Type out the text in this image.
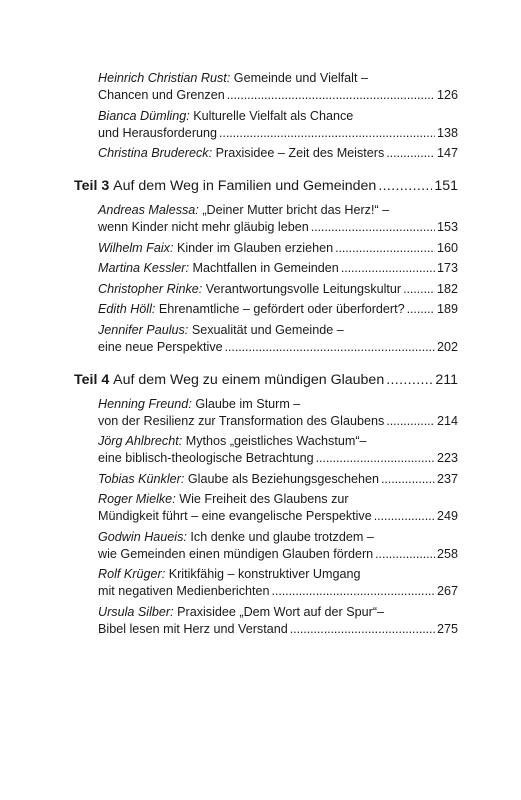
Heinrich Christian Rust:
Gemeinde und Vielfalt –
Chancen und Grenzen . . .	126
Bianca Dümling:
Kulturelle Vielfalt als Chance
und Herausforderung . . .	138
Christina Brudereck:
Praxisidee – Zeit des Meisters . . .	147
Teil 3
Auf dem Weg in Familien und Gemeinden . . .	151
Andreas Malessa:
„Deiner Mutter bricht das Herz!“ –
wenn Kinder nicht mehr gläubig leben . . .	153
Wilhelm Faix:
Kinder im Glauben erziehen . . .	160
Martina Kessler:
Machtfallen in Gemeinden . . .	173
Christopher Rinke:
Verantwortungsvolle Leitungskultur . . .	182
Edith Höll:
Ehrenamtliche – gefördert oder überfordert? . . .	189
Jennifer Paulus:
Sexualität und Gemeinde –
eine neue Perspektive . . .	202
Teil 4
Auf dem Weg zu einem mündigen Glauben . . .	211
Henning Freund:
Glaube im Sturm –
von der Resilienz zur Transformation des Glaubens . . .	214
Jörg Ahlbrecht:
Mythos „geistliches Wachstum“–
eine biblisch-theologische Betrachtung . . .	223
Tobias Künkler:
Glaube als Beziehungsgeschehen . . .	237
Roger Mielke:
Wie Freiheit des Glaubens zur
Mündigkeit führt – eine evangelische Perspektive . . .	249
Godwin Haueis:
Ich denke und glaube trotzdem –
wie Gemeinden einen mündigen Glauben fördern . . .	258
Rolf Krüger:
Kritikfähig – konstruktiver Umgang
mit negativen Medienberichten . . .	267
Ursula Silber:
Praxisidee „Dem Wort auf der Spur“–
Bibel lesen mit Herz und Verstand . . .	275
